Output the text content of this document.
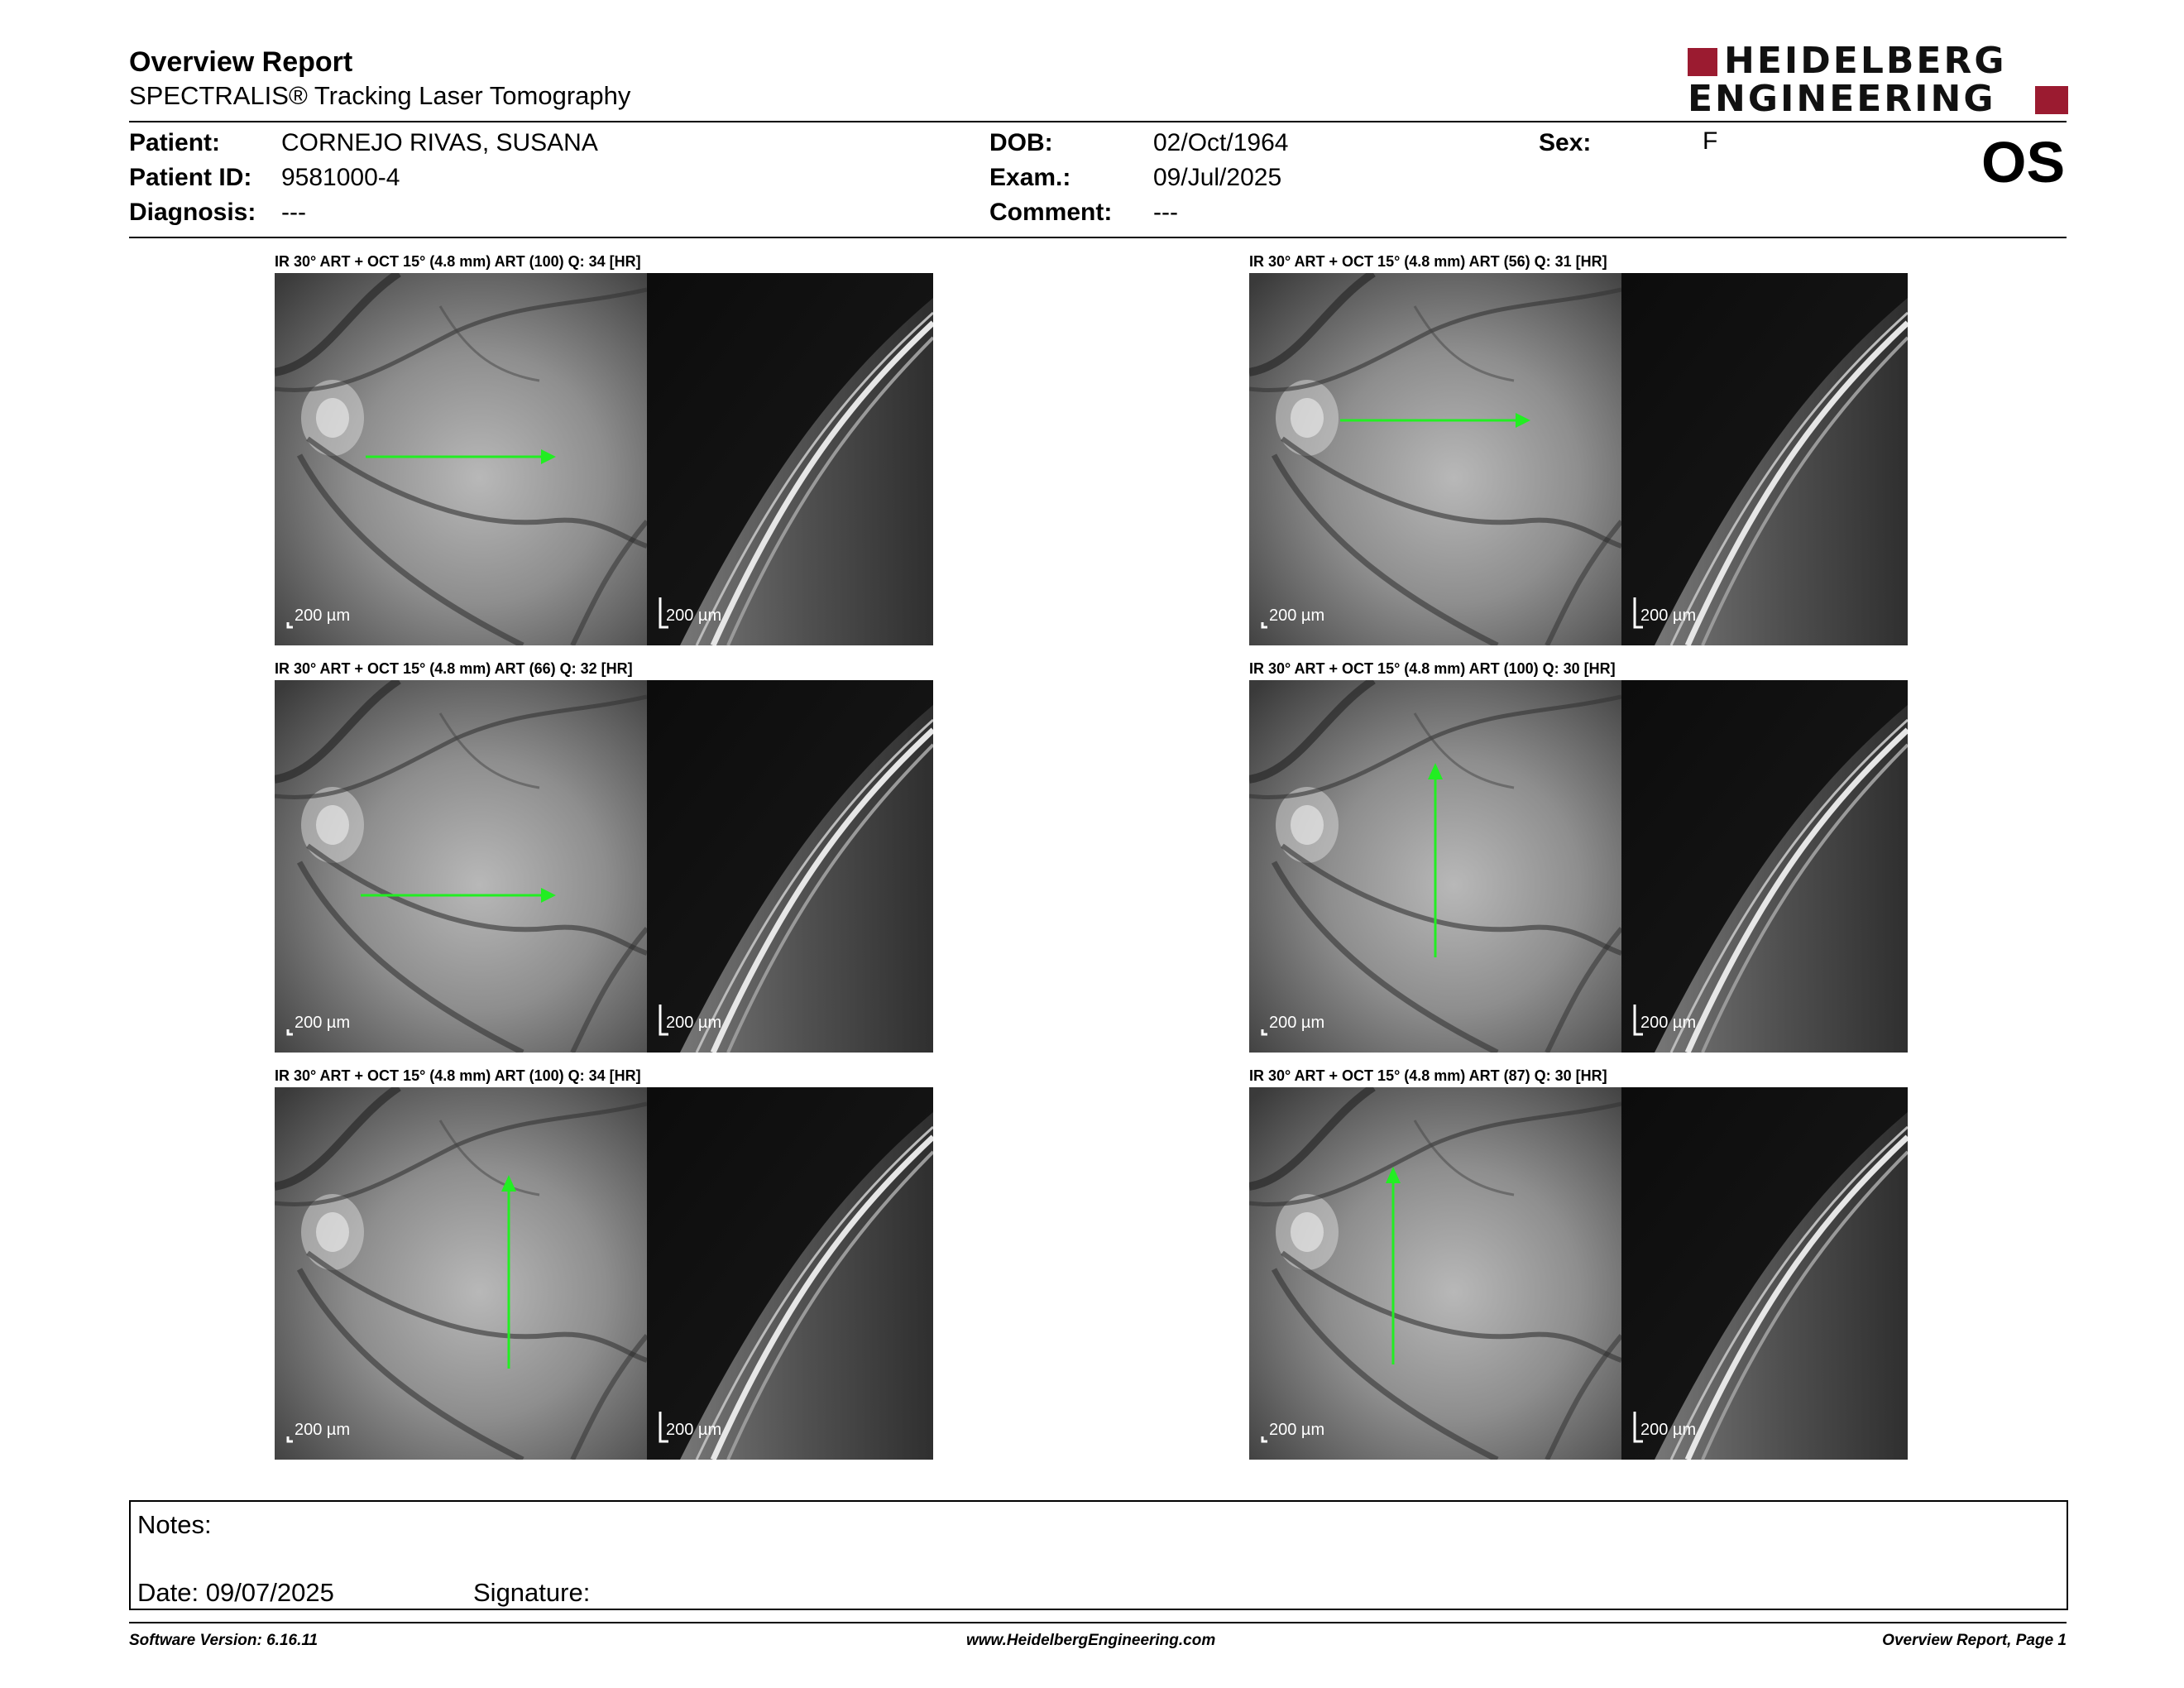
Overview Report
SPECTRALIS® Tracking Laser Tomography
HEIDELBERG
ENGINEERING
Patient: CORNEJO RIVAS, SUSANA
Patient ID: 9581000-4
Diagnosis: ---
DOB:	02/Oct/1964
Exam.:	09/Jul/2025
Comment: ---
Sex:	F	OS
IR 30° ART + OCT 15° (4.8 mm) ART (100) Q: 34 [HR]
200 µm	200 µm
IR 30° ART + OCT 15° (4.8 mm) ART (56) Q: 31 [HR]
200 µm	200 µm
IR 30° ART + OCT 15° (4.8 mm) ART (66) Q: 32 [HR]
200 µm	200 µm
IR 30° ART + OCT 15° (4.8 mm) ART (100) Q: 30 [HR]
200 µm	200 µm
IR 30° ART + OCT 15° (4.8 mm) ART (100) Q: 34 [HR]
200 µm	200 µm
IR 30° ART + OCT 15° (4.8 mm) ART (87) Q: 30 [HR]
200 µm	200 µm
Notes:
Date: 09/07/2025	Signature:
Software Version: 6.16.11	www.HeidelbergEngineering.com	Overview Report, Page 1
